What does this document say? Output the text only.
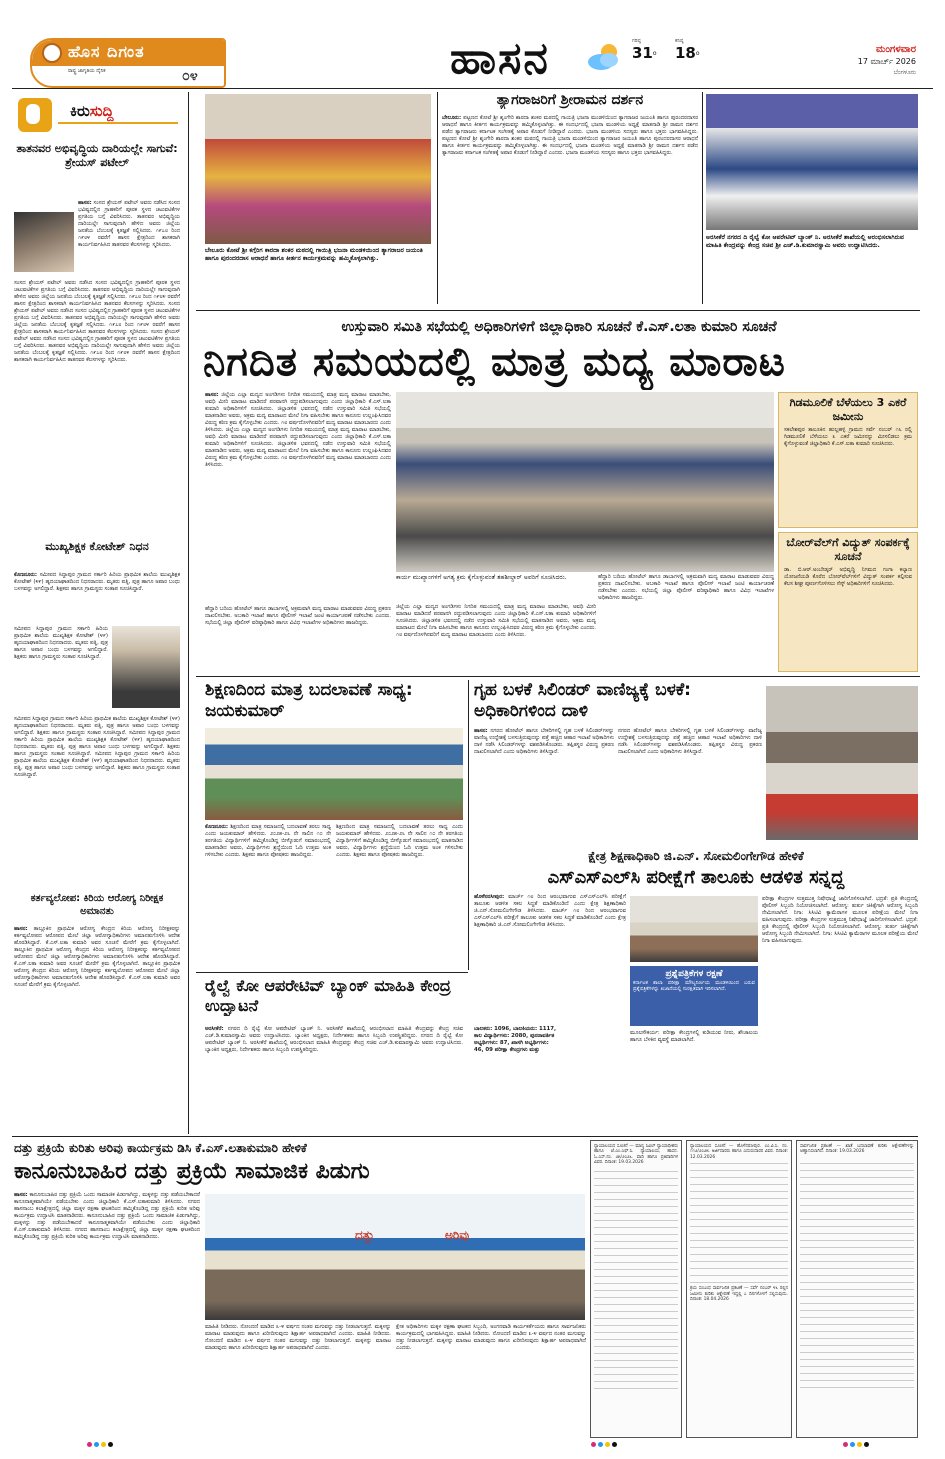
ಹೊಸ ದಿಗಂತ
ರಾಷ್ಟ್ರ ಜಾಗೃತಿಯ ದೈನಿಕ	೦೪	ಹಾಸನ	ಗರಿಷ್ಠ
31$^o$
ಕನಿಷ್ಠ
18$^o$	ಮಂಗಳವಾರ
17 ಮಾರ್ಚ್ 2026
ಬೆಂಗಳೂರು
ಕಿರುಸುದ್ದಿ
ತಾತನವರ ಅಭಿವೃದ್ಧಿಯ ದಾರಿಯಲ್ಲೇ ಸಾಗುವೆ: ಶ್ರೇಯಸ್ ಪಟೇಲ್
ಹಾಸನ: ಸಂಸದ ಶ್ರೇಯಸ್ ಪಟೇಲ್ ಅವರು ನಡೆಸಿದ ಸಂಸದ ಭವಿಷ್ಯದಲ್ಲಿನ ಗ್ರಾಹಕರಿಗೆ ಪೂರಕ ಸ್ಥಳದ ಚಟುವಟಿಕೆಗಳ ಪ್ರಗತಿಯ ಬಗ್ಗೆ ವಿವರಿಸಿದರು. ತಾತನವರ ಅಭಿವೃದ್ಧಿಯ ದಾರಿಯಲ್ಲೇ ಸಾಗುವುದಾಗಿ ಹೇಳಿದ ಅವರು ಜಿಲ್ಲೆಯ ಜನತೆಯ ಬೆಂಬಲಕ್ಕೆ ಕೃತಜ್ಞತೆ ಸಲ್ಲಿಸಿದರು. ೧೯೭೮ ರಿಂದ ೧೯೮೪ ರವರೆಗೆ ಹಾಸನ ಕ್ಷೇತ್ರದಿಂದ ಶಾಸಕರಾಗಿ ಕಾರ್ಯನಿರ್ವಹಿಸಿದ ತಾತನವರ ಕೆಲಸಗಳನ್ನು ಸ್ಮರಿಸಿದರು.
ಸಂಸದ ಶ್ರೇಯಸ್ ಪಟೇಲ್ ಅವರು ನಡೆಸಿದ ಸಂಸದ ಭವಿಷ್ಯದಲ್ಲಿನ ಗ್ರಾಹಕರಿಗೆ ಪೂರಕ ಸ್ಥಳದ ಚಟುವಟಿಕೆಗಳ ಪ್ರಗತಿಯ ಬಗ್ಗೆ ವಿವರಿಸಿದರು. ತಾತನವರ ಅಭಿವೃದ್ಧಿಯ ದಾರಿಯಲ್ಲೇ ಸಾಗುವುದಾಗಿ ಹೇಳಿದ ಅವರು ಜಿಲ್ಲೆಯ ಜನತೆಯ ಬೆಂಬಲಕ್ಕೆ ಕೃತಜ್ಞತೆ ಸಲ್ಲಿಸಿದರು. ೧೯೭೮ ರಿಂದ ೧೯೮೪ ರವರೆಗೆ ಹಾಸನ ಕ್ಷೇತ್ರದಿಂದ ಶಾಸಕರಾಗಿ ಕಾರ್ಯನಿರ್ವಹಿಸಿದ ತಾತನವರ ಕೆಲಸಗಳನ್ನು ಸ್ಮರಿಸಿದರು. ಸಂಸದ ಶ್ರೇಯಸ್ ಪಟೇಲ್ ಅವರು ನಡೆಸಿದ ಸಂಸದ ಭವಿಷ್ಯದಲ್ಲಿನ ಗ್ರಾಹಕರಿಗೆ ಪೂರಕ ಸ್ಥಳದ ಚಟುವಟಿಕೆಗಳ ಪ್ರಗತಿಯ ಬಗ್ಗೆ ವಿವರಿಸಿದರು. ತಾತನವರ ಅಭಿವೃದ್ಧಿಯ ದಾರಿಯಲ್ಲೇ ಸಾಗುವುದಾಗಿ ಹೇಳಿದ ಅವರು ಜಿಲ್ಲೆಯ ಜನತೆಯ ಬೆಂಬಲಕ್ಕೆ ಕೃತಜ್ಞತೆ ಸಲ್ಲಿಸಿದರು. ೧೯೭೮ ರಿಂದ ೧೯೮೪ ರವರೆಗೆ ಹಾಸನ ಕ್ಷೇತ್ರದಿಂದ ಶಾಸಕರಾಗಿ ಕಾರ್ಯನಿರ್ವಹಿಸಿದ ತಾತನವರ ಕೆಲಸಗಳನ್ನು ಸ್ಮರಿಸಿದರು. ಸಂಸದ ಶ್ರೇಯಸ್ ಪಟೇಲ್ ಅವರು ನಡೆಸಿದ ಸಂಸದ ಭವಿಷ್ಯದಲ್ಲಿನ ಗ್ರಾಹಕರಿಗೆ ಪೂರಕ ಸ್ಥಳದ ಚಟುವಟಿಕೆಗಳ ಪ್ರಗತಿಯ ಬಗ್ಗೆ ವಿವರಿಸಿದರು. ತಾತನವರ ಅಭಿವೃದ್ಧಿಯ ದಾರಿಯಲ್ಲೇ ಸಾಗುವುದಾಗಿ ಹೇಳಿದ ಅವರು ಜಿಲ್ಲೆಯ ಜನತೆಯ ಬೆಂಬಲಕ್ಕೆ ಕೃತಜ್ಞತೆ ಸಲ್ಲಿಸಿದರು. ೧೯೭೮ ರಿಂದ ೧೯೮೪ ರವರೆಗೆ ಹಾಸನ ಕ್ಷೇತ್ರದಿಂದ ಶಾಸಕರಾಗಿ ಕಾರ್ಯನಿರ್ವಹಿಸಿದ ತಾತನವರ ಕೆಲಸಗಳನ್ನು ಸ್ಮರಿಸಿದರು.
ಮುಖ್ಯಶಿಕ್ಷಕ ಕೋಟೇಶ್ ನಿಧನ
ಕೊಣನೂರು: ಸಮೀಪದ ಸಿದ್ದಾಪುರ ಗ್ರಾಮದ ಸರ್ಕಾರಿ ಹಿರಿಯ ಪ್ರಾಥಮಿಕ ಶಾಲೆಯ ಮುಖ್ಯಶಿಕ್ಷಕ ಕೋಟೇಶ್ (೪೯) ಹೃದಯಾಘಾತದಿಂದ ನಿಧನರಾದರು. ಮೃತರು ಪತ್ನಿ, ಪುತ್ರ ಹಾಗೂ ಅಪಾರ ಬಂಧು ಬಳಗವನ್ನು ಅಗಲಿದ್ದಾರೆ. ಶಿಕ್ಷಕರು ಹಾಗೂ ಗ್ರಾಮಸ್ಥರು ಸಂತಾಪ ಸೂಚಿಸಿದ್ದಾರೆ.
ಸಮೀಪದ ಸಿದ್ದಾಪುರ ಗ್ರಾಮದ ಸರ್ಕಾರಿ ಹಿರಿಯ ಪ್ರಾಥಮಿಕ ಶಾಲೆಯ ಮುಖ್ಯಶಿಕ್ಷಕ ಕೋಟೇಶ್ (೪೯) ಹೃದಯಾಘಾತದಿಂದ ನಿಧನರಾದರು. ಮೃತರು ಪತ್ನಿ, ಪುತ್ರ ಹಾಗೂ ಅಪಾರ ಬಂಧು ಬಳಗವನ್ನು ಅಗಲಿದ್ದಾರೆ. ಶಿಕ್ಷಕರು ಹಾಗೂ ಗ್ರಾಮಸ್ಥರು ಸಂತಾಪ ಸೂಚಿಸಿದ್ದಾರೆ.
ಸಮೀಪದ ಸಿದ್ದಾಪುರ ಗ್ರಾಮದ ಸರ್ಕಾರಿ ಹಿರಿಯ ಪ್ರಾಥಮಿಕ ಶಾಲೆಯ ಮುಖ್ಯಶಿಕ್ಷಕ ಕೋಟೇಶ್ (೪೯) ಹೃದಯಾಘಾತದಿಂದ ನಿಧನರಾದರು. ಮೃತರು ಪತ್ನಿ, ಪುತ್ರ ಹಾಗೂ ಅಪಾರ ಬಂಧು ಬಳಗವನ್ನು ಅಗಲಿದ್ದಾರೆ. ಶಿಕ್ಷಕರು ಹಾಗೂ ಗ್ರಾಮಸ್ಥರು ಸಂತಾಪ ಸೂಚಿಸಿದ್ದಾರೆ. ಸಮೀಪದ ಸಿದ್ದಾಪುರ ಗ್ರಾಮದ ಸರ್ಕಾರಿ ಹಿರಿಯ ಪ್ರಾಥಮಿಕ ಶಾಲೆಯ ಮುಖ್ಯಶಿಕ್ಷಕ ಕೋಟೇಶ್ (೪೯) ಹೃದಯಾಘಾತದಿಂದ ನಿಧನರಾದರು. ಮೃತರು ಪತ್ನಿ, ಪುತ್ರ ಹಾಗೂ ಅಪಾರ ಬಂಧು ಬಳಗವನ್ನು ಅಗಲಿದ್ದಾರೆ. ಶಿಕ್ಷಕರು ಹಾಗೂ ಗ್ರಾಮಸ್ಥರು ಸಂತಾಪ ಸೂಚಿಸಿದ್ದಾರೆ. ಸಮೀಪದ ಸಿದ್ದಾಪುರ ಗ್ರಾಮದ ಸರ್ಕಾರಿ ಹಿರಿಯ ಪ್ರಾಥಮಿಕ ಶಾಲೆಯ ಮುಖ್ಯಶಿಕ್ಷಕ ಕೋಟೇಶ್ (೪೯) ಹೃದಯಾಘಾತದಿಂದ ನಿಧನರಾದರು. ಮೃತರು ಪತ್ನಿ, ಪುತ್ರ ಹಾಗೂ ಅಪಾರ ಬಂಧು ಬಳಗವನ್ನು ಅಗಲಿದ್ದಾರೆ. ಶಿಕ್ಷಕರು ಹಾಗೂ ಗ್ರಾಮಸ್ಥರು ಸಂತಾಪ ಸೂಚಿಸಿದ್ದಾರೆ.
ಕರ್ತವ್ಯಲೋಪ: ಕಿರಿಯ ಆರೋಗ್ಯ ನಿರೀಕ್ಷಕ ಅಮಾನತು
ಹಾಸನ: ತಾಲ್ಲೂಕಿನ ಪ್ರಾಥಮಿಕ ಆರೋಗ್ಯ ಕೇಂದ್ರದ ಕಿರಿಯ ಆರೋಗ್ಯ ನಿರೀಕ್ಷಕರನ್ನು ಕರ್ತವ್ಯಲೋಪದ ಆರೋಪದ ಮೇಲೆ ಜಿಲ್ಲಾ ಆರೋಗ್ಯಾಧಿಕಾರಿಗಳು ಅಮಾನತುಗೊಳಿಸಿ ಆದೇಶ ಹೊರಡಿಸಿದ್ದಾರೆ. ಕೆ.ಎಸ್.ಲತಾ ಕುಮಾರಿ ಅವರ ಸೂಚನೆ ಮೇರೆಗೆ ಕ್ರಮ ಕೈಗೊಳ್ಳಲಾಗಿದೆ. ತಾಲ್ಲೂಕಿನ ಪ್ರಾಥಮಿಕ ಆರೋಗ್ಯ ಕೇಂದ್ರದ ಕಿರಿಯ ಆರೋಗ್ಯ ನಿರೀಕ್ಷಕರನ್ನು ಕರ್ತವ್ಯಲೋಪದ ಆರೋಪದ ಮೇಲೆ ಜಿಲ್ಲಾ ಆರೋಗ್ಯಾಧಿಕಾರಿಗಳು ಅಮಾನತುಗೊಳಿಸಿ ಆದೇಶ ಹೊರಡಿಸಿದ್ದಾರೆ. ಕೆ.ಎಸ್.ಲತಾ ಕುಮಾರಿ ಅವರ ಸೂಚನೆ ಮೇರೆಗೆ ಕ್ರಮ ಕೈಗೊಳ್ಳಲಾಗಿದೆ. ತಾಲ್ಲೂಕಿನ ಪ್ರಾಥಮಿಕ ಆರೋಗ್ಯ ಕೇಂದ್ರದ ಕಿರಿಯ ಆರೋಗ್ಯ ನಿರೀಕ್ಷಕರನ್ನು ಕರ್ತವ್ಯಲೋಪದ ಆರೋಪದ ಮೇಲೆ ಜಿಲ್ಲಾ ಆರೋಗ್ಯಾಧಿಕಾರಿಗಳು ಅಮಾನತುಗೊಳಿಸಿ ಆದೇಶ ಹೊರಡಿಸಿದ್ದಾರೆ. ಕೆ.ಎಸ್.ಲತಾ ಕುಮಾರಿ ಅವರ ಸೂಚನೆ ಮೇರೆಗೆ ಕ್ರಮ ಕೈಗೊಳ್ಳಲಾಗಿದೆ.
ಬೇಲೂರು ಕೋಟೆ ಶ್ರೀ ಕಗ್ಗೆರಿಗ ಕಾರದಾ ಶಂಕರ ಮಠದಲ್ಲಿ ಗಾಯಿತ್ರಿ ಭಜನಾ ಮಂಡಳಿಯಿಂದ ತ್ಯಾಗರಾಜರ ಜಯಂತಿ ಹಾಗೂ ಪುರಂದರದಾಸ ಆರಾಧನೆ ಹಾಗೂ ಕೀರ್ತನ ಕಾರ್ಯಕ್ರಮವನ್ನು ಹಮ್ಮಿಕೊಳ್ಳಲಾಗಿತ್ತು.
ತ್ಯಾಗರಾಜರಿಗೆ ಶ್ರೀರಾಮನ ದರ್ಶನ
ಬೇಲೂರು: ಪಟ್ಟಣದ ಕೋಟೆ ಶ್ರೀ ಶೃಂಗೇರಿ ಶಾರದಾ ಶಂಕರ ಮಠದಲ್ಲಿ ಗಾಯತ್ರಿ ಭಜನಾ ಮಂಡಳಿಯಿಂದ ತ್ಯಾಗರಾಜರ ಜಯಂತಿ ಹಾಗೂ ಪುರಂದರದಾಸರ ಆರಾಧನೆ ಹಾಗೂ ಕೀರ್ತನ ಕಾರ್ಯಕ್ರಮವನ್ನು ಹಮ್ಮಿಕೊಳ್ಳಲಾಗಿತ್ತು. ಈ ಸಂದರ್ಭದಲ್ಲಿ ಭಜನಾ ಮಂಡಳಿಯ ಅಧ್ಯಕ್ಷೆ ಮಾತನಾಡಿ ಶ್ರೀ ರಾಮನ ದರ್ಶನ ಪಡೆದ ತ್ಯಾಗರಾಜರು ಕರ್ನಾಟಕ ಸಂಗೀತಕ್ಕೆ ಅಪಾರ ಕೊಡುಗೆ ನೀಡಿದ್ದಾರೆ ಎಂದರು. ಭಜನಾ ಮಂಡಳಿಯ ಸದಸ್ಯರು ಹಾಗೂ ಭಕ್ತರು ಭಾಗವಹಿಸಿದ್ದರು. ಪಟ್ಟಣದ ಕೋಟೆ ಶ್ರೀ ಶೃಂಗೇರಿ ಶಾರದಾ ಶಂಕರ ಮಠದಲ್ಲಿ ಗಾಯತ್ರಿ ಭಜನಾ ಮಂಡಳಿಯಿಂದ ತ್ಯಾಗರಾಜರ ಜಯಂತಿ ಹಾಗೂ ಪುರಂದರದಾಸರ ಆರಾಧನೆ ಹಾಗೂ ಕೀರ್ತನ ಕಾರ್ಯಕ್ರಮವನ್ನು ಹಮ್ಮಿಕೊಳ್ಳಲಾಗಿತ್ತು. ಈ ಸಂದರ್ಭದಲ್ಲಿ ಭಜನಾ ಮಂಡಳಿಯ ಅಧ್ಯಕ್ಷೆ ಮಾತನಾಡಿ ಶ್ರೀ ರಾಮನ ದರ್ಶನ ಪಡೆದ ತ್ಯಾಗರಾಜರು ಕರ್ನಾಟಕ ಸಂಗೀತಕ್ಕೆ ಅಪಾರ ಕೊಡುಗೆ ನೀಡಿದ್ದಾರೆ ಎಂದರು. ಭಜನಾ ಮಂಡಳಿಯ ಸದಸ್ಯರು ಹಾಗೂ ಭಕ್ತರು ಭಾಗವಹಿಸಿದ್ದರು.
ಅರಸೀಕೆರೆ ನಗರದ ದಿ ರೈಲ್ವೆ ಕೋ ಆಪರೇಟಿವ್ ಬ್ಯಾಂಕ್ ನಿ. ಅರಸೀಕೆರೆ ಶಾಖೆಯಲ್ಲಿ ಆರಂಭಿಸಲಾಗಿರುವ ಮಾಹಿತಿ ಕೇಂದ್ರವನ್ನು ಕೇಂದ್ರ ಸಚಿವ ಶ್ರೀ ಎಚ್.ಡಿ.ಕುಮಾರಸ್ವಾಮಿ ಅವರು ಉದ್ಘಾಟಿಸಿದರು.
ಉಸ್ತುವಾರಿ ಸಮಿತಿ ಸಭೆಯಲ್ಲಿ ಅಧಿಕಾರಿಗಳಿಗೆ ಜಿಲ್ಲಾಧಿಕಾರಿ ಸೂಚನೆ ಕೆ.ಎಸ್.ಲತಾ ಕುಮಾರಿ ಸೂಚನೆ
ನಿಗದಿತ ಸಮಯದಲ್ಲಿ ಮಾತ್ರ ಮದ್ಯ ಮಾರಾಟ
ಹಾಸನ: ಜಿಲ್ಲೆಯ ಎಲ್ಲಾ ಮದ್ಯದ ಅಂಗಡಿಗಳು ನಿಗದಿತ ಸಮಯದಲ್ಲಿ ಮಾತ್ರ ಮದ್ಯ ಮಾರಾಟ ಮಾಡಬೇಕು, ಅವಧಿ ಮೀರಿ ಮಾರಾಟ ಮಾಡಿದರೆ ಪರವಾನಗಿ ರದ್ದುಪಡಿಸಲಾಗುವುದು ಎಂದು ಜಿಲ್ಲಾಧಿಕಾರಿ ಕೆ.ಎಸ್.ಲತಾ ಕುಮಾರಿ ಅಧಿಕಾರಿಗಳಿಗೆ ಸೂಚಿಸಿದರು. ಜಿಲ್ಲಾಡಳಿತ ಭವನದಲ್ಲಿ ನಡೆದ ಉಸ್ತುವಾರಿ ಸಮಿತಿ ಸಭೆಯಲ್ಲಿ ಮಾತನಾಡಿದ ಅವರು, ಅಕ್ರಮ ಮದ್ಯ ಮಾರಾಟದ ಮೇಲೆ ನಿಗಾ ವಹಿಸಬೇಕು ಹಾಗೂ ಕಾನೂನು ಉಲ್ಲಂಘಿಸಿದವರ ವಿರುದ್ಧ ಕಠಿಣ ಕ್ರಮ ಕೈಗೊಳ್ಳಬೇಕು ಎಂದರು. ೧೮ ವರ್ಷದೊಳಗಿನವರಿಗೆ ಮದ್ಯ ಮಾರಾಟ ಮಾಡಬಾರದು ಎಂದು ತಿಳಿಸಿದರು. ಜಿಲ್ಲೆಯ ಎಲ್ಲಾ ಮದ್ಯದ ಅಂಗಡಿಗಳು ನಿಗದಿತ ಸಮಯದಲ್ಲಿ ಮಾತ್ರ ಮದ್ಯ ಮಾರಾಟ ಮಾಡಬೇಕು, ಅವಧಿ ಮೀರಿ ಮಾರಾಟ ಮಾಡಿದರೆ ಪರವಾನಗಿ ರದ್ದುಪಡಿಸಲಾಗುವುದು ಎಂದು ಜಿಲ್ಲಾಧಿಕಾರಿ ಕೆ.ಎಸ್.ಲತಾ ಕುಮಾರಿ ಅಧಿಕಾರಿಗಳಿಗೆ ಸೂಚಿಸಿದರು. ಜಿಲ್ಲಾಡಳಿತ ಭವನದಲ್ಲಿ ನಡೆದ ಉಸ್ತುವಾರಿ ಸಮಿತಿ ಸಭೆಯಲ್ಲಿ ಮಾತನಾಡಿದ ಅವರು, ಅಕ್ರಮ ಮದ್ಯ ಮಾರಾಟದ ಮೇಲೆ ನಿಗಾ ವಹಿಸಬೇಕು ಹಾಗೂ ಕಾನೂನು ಉಲ್ಲಂಘಿಸಿದವರ ವಿರುದ್ಧ ಕಠಿಣ ಕ್ರಮ ಕೈಗೊಳ್ಳಬೇಕು ಎಂದರು. ೧೮ ವರ್ಷದೊಳಗಿನವರಿಗೆ ಮದ್ಯ ಮಾರಾಟ ಮಾಡಬಾರದು ಎಂದು ತಿಳಿಸಿದರು.
ಕಾರ್ಯ ಮುಖ್ಯಾಂಗಳಿಗೆ ಅಗತ್ಯ ಕ್ರಮ ಕೈಗೊಳ್ಳುವಂತೆ ತಹಶೀಲ್ದಾರ್ ಅವರಿಗೆ ಸೂಚಿಸಿದರು.	ಹೆದ್ದಾರಿ ಬದಿಯ ಹೋಟೆಲ್ ಹಾಗೂ ಡಾಬಾಗಳಲ್ಲಿ ಅಕ್ರಮವಾಗಿ ಮದ್ಯ ಮಾರಾಟ ಮಾಡುವವರ ವಿರುದ್ಧ ಪ್ರಕರಣ ದಾಖಲಿಸಬೇಕು. ಅಬಕಾರಿ ಇಲಾಖೆ ಹಾಗೂ ಪೊಲೀಸ್ ಇಲಾಖೆ ಜಂಟಿ ಕಾರ್ಯಾಚರಣೆ ನಡೆಸಬೇಕು ಎಂದರು. ಸಭೆಯಲ್ಲಿ ಜಿಲ್ಲಾ ಪೊಲೀಸ್ ವರಿಷ್ಠಾಧಿಕಾರಿ ಹಾಗೂ ವಿವಿಧ ಇಲಾಖೆಗಳ ಅಧಿಕಾರಿಗಳು ಹಾಜರಿದ್ದರು.
ಹೆದ್ದಾರಿ ಬದಿಯ ಹೋಟೆಲ್ ಹಾಗೂ ಡಾಬಾಗಳಲ್ಲಿ ಅಕ್ರಮವಾಗಿ ಮದ್ಯ ಮಾರಾಟ ಮಾಡುವವರ ವಿರುದ್ಧ ಪ್ರಕರಣ ದಾಖಲಿಸಬೇಕು. ಅಬಕಾರಿ ಇಲಾಖೆ ಹಾಗೂ ಪೊಲೀಸ್ ಇಲಾಖೆ ಜಂಟಿ ಕಾರ್ಯಾಚರಣೆ ನಡೆಸಬೇಕು ಎಂದರು. ಸಭೆಯಲ್ಲಿ ಜಿಲ್ಲಾ ಪೊಲೀಸ್ ವರಿಷ್ಠಾಧಿಕಾರಿ ಹಾಗೂ ವಿವಿಧ ಇಲಾಖೆಗಳ ಅಧಿಕಾರಿಗಳು ಹಾಜರಿದ್ದರು.
ಜಿಲ್ಲೆಯ ಎಲ್ಲಾ ಮದ್ಯದ ಅಂಗಡಿಗಳು ನಿಗದಿತ ಸಮಯದಲ್ಲಿ ಮಾತ್ರ ಮದ್ಯ ಮಾರಾಟ ಮಾಡಬೇಕು, ಅವಧಿ ಮೀರಿ ಮಾರಾಟ ಮಾಡಿದರೆ ಪರವಾನಗಿ ರದ್ದುಪಡಿಸಲಾಗುವುದು ಎಂದು ಜಿಲ್ಲಾಧಿಕಾರಿ ಕೆ.ಎಸ್.ಲತಾ ಕುಮಾರಿ ಅಧಿಕಾರಿಗಳಿಗೆ ಸೂಚಿಸಿದರು. ಜಿಲ್ಲಾಡಳಿತ ಭವನದಲ್ಲಿ ನಡೆದ ಉಸ್ತುವಾರಿ ಸಮಿತಿ ಸಭೆಯಲ್ಲಿ ಮಾತನಾಡಿದ ಅವರು, ಅಕ್ರಮ ಮದ್ಯ ಮಾರಾಟದ ಮೇಲೆ ನಿಗಾ ವಹಿಸಬೇಕು ಹಾಗೂ ಕಾನೂನು ಉಲ್ಲಂಘಿಸಿದವರ ವಿರುದ್ಧ ಕಠಿಣ ಕ್ರಮ ಕೈಗೊಳ್ಳಬೇಕು ಎಂದರು. ೧೮ ವರ್ಷದೊಳಗಿನವರಿಗೆ ಮದ್ಯ ಮಾರಾಟ ಮಾಡಬಾರದು ಎಂದು ತಿಳಿಸಿದರು.
ಗಿಡಮೂಲಿಕೆ ಬೆಳೆಯಲು 3 ಎಕರೆ ಜಮೀನು
ಸಕಲೇಶಪುರ ತಾಲೂಕಿನ ಹುಲ್ಲಹಳ್ಳಿ ಗ್ರಾಮದ ಸರ್ವೆ ನಂಬರ್ ೧೬ ರಲ್ಲಿ ಗಿಡಮೂಲಿಕೆ ಬೆಳೆಯಲು ೩ ಎಕರೆ ಜಮೀನನ್ನು ಮೀಸಲಿಡಲು ಕ್ರಮ ಕೈಗೊಳ್ಳುವಂತೆ ಜಿಲ್ಲಾಧಿಕಾರಿ ಕೆ.ಎಸ್.ಲತಾ ಕುಮಾರಿ ಸೂಚಿಸಿದರು.
ಬೋರ್‌ವೆಲ್‌ಗೆ ವಿದ್ಯುತ್ ಸಂಪರ್ಕಕ್ಕೆ ಸೂಚನೆ
ಡಾ. ಬಿ.ಆರ್.ಅಂಬೇಡ್ಕರ್ ಅಭಿವೃದ್ಧಿ ನಿಗಮದ ಗಂಗಾ ಕಲ್ಯಾಣ ಯೋಜನೆಯಡಿ ಕೊರೆದ ಬೋರ್‌ವೆಲ್‌ಗಳಿಗೆ ವಿದ್ಯುತ್ ಸಂಪರ್ಕ ಕಲ್ಪಿಸುವ ಕೆಲಸ ಶೀಘ್ರ ಪೂರ್ಣಗೊಳಿಸಲು ಸೆಸ್ಕ್ ಅಧಿಕಾರಿಗಳಿಗೆ ಸೂಚಿಸಿದರು.
ಶಿಕ್ಷಣದಿಂದ ಮಾತ್ರ ಬದಲಾವಣೆ ಸಾಧ್ಯ: ಜಯಕುಮಾರ್
ಕೊಣನೂರು: ಶಿಕ್ಷಣದಿಂದ ಮಾತ್ರ ಸಮಾಜದಲ್ಲಿ ಬದಲಾವಣೆ ತರಲು ಸಾಧ್ಯ ಎಂದು ಜಯಕುಮಾರ್ ಹೇಳಿದರು. ೨೦೨೫-೨೬ ನೇ ಸಾಲಿನ ೧೦ ನೇ ತರಗತಿಯ ವಿದ್ಯಾರ್ಥಿಗಳಿಗೆ ಹಮ್ಮಿಕೊಂಡಿದ್ದ ಬೀಳ್ಕೊಡುಗೆ ಸಮಾರಂಭದಲ್ಲಿ ಮಾತನಾಡಿದ ಅವರು, ವಿದ್ಯಾರ್ಥಿಗಳು ಶ್ರದ್ಧೆಯಿಂದ ಓದಿ ಉತ್ತಮ ಅಂಕ ಗಳಿಸಬೇಕು ಎಂದರು. ಶಿಕ್ಷಕರು ಹಾಗೂ ಪೋಷಕರು ಹಾಜರಿದ್ದರು.
ಶಿಕ್ಷಣದಿಂದ ಮಾತ್ರ ಸಮಾಜದಲ್ಲಿ ಬದಲಾವಣೆ ತರಲು ಸಾಧ್ಯ ಎಂದು ಜಯಕುಮಾರ್ ಹೇಳಿದರು. ೨೦೨೫-೨೬ ನೇ ಸಾಲಿನ ೧೦ ನೇ ತರಗತಿಯ ವಿದ್ಯಾರ್ಥಿಗಳಿಗೆ ಹಮ್ಮಿಕೊಂಡಿದ್ದ ಬೀಳ್ಕೊಡುಗೆ ಸಮಾರಂಭದಲ್ಲಿ ಮಾತನಾಡಿದ ಅವರು, ವಿದ್ಯಾರ್ಥಿಗಳು ಶ್ರದ್ಧೆಯಿಂದ ಓದಿ ಉತ್ತಮ ಅಂಕ ಗಳಿಸಬೇಕು ಎಂದರು. ಶಿಕ್ಷಕರು ಹಾಗೂ ಪೋಷಕರು ಹಾಜರಿದ್ದರು.
ಗೃಹ ಬಳಕೆ ಸಿಲಿಂಡರ್ ವಾಣಿಜ್ಯಕ್ಕೆ ಬಳಕೆ: ಅಧಿಕಾರಿಗಳಿಂದ ದಾಳಿ
ಹಾಸನ: ನಗರದ ಹೋಟೆಲ್ ಹಾಗೂ ಬೇಕರಿಗಳಲ್ಲಿ ಗೃಹ ಬಳಕೆ ಸಿಲಿಂಡರ್‌ಗಳನ್ನು ವಾಣಿಜ್ಯ ಉದ್ದೇಶಕ್ಕೆ ಬಳಸುತ್ತಿರುವುದನ್ನು ಪತ್ತೆ ಹಚ್ಚಿದ ಆಹಾರ ಇಲಾಖೆ ಅಧಿಕಾರಿಗಳು ದಾಳಿ ನಡೆಸಿ ಸಿಲಿಂಡರ್‌ಗಳನ್ನು ವಶಪಡಿಸಿಕೊಂಡರು. ತಪ್ಪಿತಸ್ಥರ ವಿರುದ್ಧ ಪ್ರಕರಣ ದಾಖಲಿಸಲಾಗಿದೆ ಎಂದು ಅಧಿಕಾರಿಗಳು ತಿಳಿಸಿದ್ದಾರೆ.
ನಗರದ ಹೋಟೆಲ್ ಹಾಗೂ ಬೇಕರಿಗಳಲ್ಲಿ ಗೃಹ ಬಳಕೆ ಸಿಲಿಂಡರ್‌ಗಳನ್ನು ವಾಣಿಜ್ಯ ಉದ್ದೇಶಕ್ಕೆ ಬಳಸುತ್ತಿರುವುದನ್ನು ಪತ್ತೆ ಹಚ್ಚಿದ ಆಹಾರ ಇಲಾಖೆ ಅಧಿಕಾರಿಗಳು ದಾಳಿ ನಡೆಸಿ ಸಿಲಿಂಡರ್‌ಗಳನ್ನು ವಶಪಡಿಸಿಕೊಂಡರು. ತಪ್ಪಿತಸ್ಥರ ವಿರುದ್ಧ ಪ್ರಕರಣ ದಾಖಲಿಸಲಾಗಿದೆ ಎಂದು ಅಧಿಕಾರಿಗಳು ತಿಳಿಸಿದ್ದಾರೆ.
ಕ್ಷೇತ್ರ ಶಿಕ್ಷಣಾಧಿಕಾರಿ ಜಿ.ಎನ್. ಸೋಮಲಿಂಗೇಗೌಡ ಹೇಳಿಕೆ
ಎಸ್‌ಎಸ್‌ಎಲ್‌ಸಿ ಪರೀಕ್ಷೆಗೆ ತಾಲೂಕು ಆಡಳಿತ ಸನ್ನದ್ದ
ಹೊಳೆನರಸೀಪುರ: ಮಾರ್ಚ್ ೧೮ ರಿಂದ ಆರಂಭವಾಗುವ ಎಸ್‌ಎಸ್‌ಎಲ್‌ಸಿ ಪರೀಕ್ಷೆಗೆ ತಾಲೂಕು ಆಡಳಿತ ಸಕಲ ಸಿದ್ಧತೆ ಮಾಡಿಕೊಂಡಿದೆ ಎಂದು ಕ್ಷೇತ್ರ ಶಿಕ್ಷಣಾಧಿಕಾರಿ ಜಿ.ಎನ್.ಸೋಮಲಿಂಗೇಗೌಡ ತಿಳಿಸಿದರು. ಮಾರ್ಚ್ ೧೮ ರಿಂದ ಆರಂಭವಾಗುವ ಎಸ್‌ಎಸ್‌ಎಲ್‌ಸಿ ಪರೀಕ್ಷೆಗೆ ತಾಲೂಕು ಆಡಳಿತ ಸಕಲ ಸಿದ್ಧತೆ ಮಾಡಿಕೊಂಡಿದೆ ಎಂದು ಕ್ಷೇತ್ರ ಶಿಕ್ಷಣಾಧಿಕಾರಿ ಜಿ.ಎನ್.ಸೋಮಲಿಂಗೇಗೌಡ ತಿಳಿಸಿದರು.
ಪ್ರಶ್ನೆಪತ್ರಿಕೆಗಳ ರಕ್ಷಣೆ
ಕರ್ನಾಟಕ ಶಾಲಾ ಪರೀಕ್ಷಾ ಮೌಲ್ಯನಿರ್ಣಯ ಮಂಡಳಿಯಿಂದ ಬರುವ ಪ್ರಶ್ನೆಪತ್ರಿಕೆಗಳನ್ನು ಖಜಾನೆಯಲ್ಲಿ ಸುರಕ್ಷಿತವಾಗಿ ಇರಿಸಲಾಗಿದೆ.
ಬಾಲಕರು: 1096, ಬಾಲಕಿಯರು: 1117,
ಕಾಲ ವಿದ್ಯಾರ್ಥಿಗಳು: 2080, ಪುನರಾವರ್ತಿತ
ಅಭ್ಯರ್ಥಿಗಳು: 87, ಖಾಸಗಿ ಅಭ್ಯರ್ಥಿಗಳು:
46, 09 ಪರೀಕ್ಷಾ ಕೇಂದ್ರಗಳು ಮತ್ತು
ಮೂಲಸೌಕರ್ಯ: ಪರೀಕ್ಷಾ ಕೇಂದ್ರಗಳಲ್ಲಿ ಕುಡಿಯುವ ನೀರು, ಶೌಚಾಲಯ ಹಾಗೂ ಬೆಳಕಿನ ವ್ಯವಸ್ಥೆ ಮಾಡಲಾಗಿದೆ.
ಪರೀಕ್ಷಾ ಕೇಂದ್ರಗಳ ಸುತ್ತಮುತ್ತ ನಿಷೇಧಾಜ್ಞೆ ಜಾರಿಗೊಳಿಸಲಾಗಿದೆ. ಭದ್ರತೆ: ಪ್ರತಿ ಕೇಂದ್ರದಲ್ಲಿ ಪೊಲೀಸ್ ಸಿಬ್ಬಂದಿ ನಿಯೋಜಿಸಲಾಗಿದೆ. ಆರೋಗ್ಯ: ತುರ್ತು ಚಿಕಿತ್ಸೆಗಾಗಿ ಆರೋಗ್ಯ ಸಿಬ್ಬಂದಿ ನೇಮಿಸಲಾಗಿದೆ. ನಿಗಾ: ಸಿಸಿಟಿವಿ ಕ್ಯಾಮೆರಾಗಳ ಮೂಲಕ ಪರೀಕ್ಷೆಯ ಮೇಲೆ ನಿಗಾ ವಹಿಸಲಾಗುವುದು. ಪರೀಕ್ಷಾ ಕೇಂದ್ರಗಳ ಸುತ್ತಮುತ್ತ ನಿಷೇಧಾಜ್ಞೆ ಜಾರಿಗೊಳಿಸಲಾಗಿದೆ. ಭದ್ರತೆ: ಪ್ರತಿ ಕೇಂದ್ರದಲ್ಲಿ ಪೊಲೀಸ್ ಸಿಬ್ಬಂದಿ ನಿಯೋಜಿಸಲಾಗಿದೆ. ಆರೋಗ್ಯ: ತುರ್ತು ಚಿಕಿತ್ಸೆಗಾಗಿ ಆರೋಗ್ಯ ಸಿಬ್ಬಂದಿ ನೇಮಿಸಲಾಗಿದೆ. ನಿಗಾ: ಸಿಸಿಟಿವಿ ಕ್ಯಾಮೆರಾಗಳ ಮೂಲಕ ಪರೀಕ್ಷೆಯ ಮೇಲೆ ನಿಗಾ ವಹಿಸಲಾಗುವುದು.
ರೈಲ್ವೆ ಕೋ ಆಪರೇಟಿವ್ ಬ್ಯಾಂಕ್ ಮಾಹಿತಿ ಕೇಂದ್ರ ಉದ್ಘಾಟನೆ
ಅರಸೀಕೆರೆ: ನಗರದ ದಿ ರೈಲ್ವೆ ಕೋ ಆಪರೇಟಿವ್ ಬ್ಯಾಂಕ್ ನಿ. ಅರಸೀಕೆರೆ ಶಾಖೆಯಲ್ಲಿ ಆರಂಭಿಸಲಾದ ಮಾಹಿತಿ ಕೇಂದ್ರವನ್ನು ಕೇಂದ್ರ ಸಚಿವ ಎಚ್.ಡಿ.ಕುಮಾರಸ್ವಾಮಿ ಅವರು ಉದ್ಘಾಟಿಸಿದರು. ಬ್ಯಾಂಕಿನ ಅಧ್ಯಕ್ಷರು, ನಿರ್ದೇಶಕರು ಹಾಗೂ ಸಿಬ್ಬಂದಿ ಉಪಸ್ಥಿತರಿದ್ದರು. ನಗರದ ದಿ ರೈಲ್ವೆ ಕೋ ಆಪರೇಟಿವ್ ಬ್ಯಾಂಕ್ ನಿ. ಅರಸೀಕೆರೆ ಶಾಖೆಯಲ್ಲಿ ಆರಂಭಿಸಲಾದ ಮಾಹಿತಿ ಕೇಂದ್ರವನ್ನು ಕೇಂದ್ರ ಸಚಿವ ಎಚ್.ಡಿ.ಕುಮಾರಸ್ವಾಮಿ ಅವರು ಉದ್ಘಾಟಿಸಿದರು. ಬ್ಯಾಂಕಿನ ಅಧ್ಯಕ್ಷರು, ನಿರ್ದೇಶಕರು ಹಾಗೂ ಸಿಬ್ಬಂದಿ ಉಪಸ್ಥಿತರಿದ್ದರು.
ದತ್ತು ಪ್ರಕ್ರಿಯೆ ಕುರಿತು ಅರಿವು ಕಾರ್ಯಕ್ರಮ ಡಿಸಿ ಕೆ.ಎಸ್.ಲತಾಕುಮಾರಿ ಹೇಳಿಕೆ
ಕಾನೂನುಬಾಹಿರ ದತ್ತು ಪ್ರಕ್ರಿಯೆ ಸಾಮಾಜಿಕ ಪಿಡುಗು
ಹಾಸನ: ಕಾನೂನುಬಾಹಿರ ದತ್ತು ಪ್ರಕ್ರಿಯೆ ಒಂದು ಸಾಮಾಜಿಕ ಪಿಡುಗಾಗಿದ್ದು, ಮಕ್ಕಳನ್ನು ದತ್ತು ಪಡೆಯಬೇಕಾದರೆ ಕಾನೂನಾತ್ಮಕವಾಗಿಯೇ ಪಡೆಯಬೇಕು ಎಂದು ಜಿಲ್ಲಾಧಿಕಾರಿ ಕೆ.ಎಸ್.ಲತಾಕುಮಾರಿ ತಿಳಿಸಿದರು. ನಗರದ ಹಾಸನಾಂಬ ಕಲಾಕ್ಷೇತ್ರದಲ್ಲಿ ಜಿಲ್ಲಾ ಮಕ್ಕಳ ರಕ್ಷಣಾ ಘಟಕದಿಂದ ಹಮ್ಮಿಕೊಂಡಿದ್ದ ದತ್ತು ಪ್ರಕ್ರಿಯೆ ಕುರಿತ ಅರಿವು ಕಾರ್ಯಕ್ರಮ ಉದ್ಘಾಟಿಸಿ ಮಾತನಾಡಿದರು. ಕಾನೂನುಬಾಹಿರ ದತ್ತು ಪ್ರಕ್ರಿಯೆ ಒಂದು ಸಾಮಾಜಿಕ ಪಿಡುಗಾಗಿದ್ದು, ಮಕ್ಕಳನ್ನು ದತ್ತು ಪಡೆಯಬೇಕಾದರೆ ಕಾನೂನಾತ್ಮಕವಾಗಿಯೇ ಪಡೆಯಬೇಕು ಎಂದು ಜಿಲ್ಲಾಧಿಕಾರಿ ಕೆ.ಎಸ್.ಲತಾಕುಮಾರಿ ತಿಳಿಸಿದರು. ನಗರದ ಹಾಸನಾಂಬ ಕಲಾಕ್ಷೇತ್ರದಲ್ಲಿ ಜಿಲ್ಲಾ ಮಕ್ಕಳ ರಕ್ಷಣಾ ಘಟಕದಿಂದ ಹಮ್ಮಿಕೊಂಡಿದ್ದ ದತ್ತು ಪ್ರಕ್ರಿಯೆ ಕುರಿತ ಅರಿವು ಕಾರ್ಯಕ್ರಮ ಉದ್ಘಾಟಿಸಿ ಮಾತನಾಡಿದರು.	ದತ್ತು	ಅರಿವು
ಮಾಹಿತಿ ನೀಡಿದರು. ನೋಂದಣಿ ಮಾಡಿದ ೩-೪ ವರ್ಷದ ನಂತರ ಮಗುವನ್ನು ದತ್ತು ನೀಡಲಾಗುತ್ತದೆ. ಮಕ್ಕಳನ್ನು ಮಾರಾಟ ಮಾಡುವುದು ಹಾಗೂ ಖರೀದಿಸುವುದು ಶಿಕ್ಷಾರ್ಹ ಅಪರಾಧವಾಗಿದೆ ಎಂದರು. ಮಾಹಿತಿ ನೀಡಿದರು. ನೋಂದಣಿ ಮಾಡಿದ ೩-೪ ವರ್ಷದ ನಂತರ ಮಗುವನ್ನು ದತ್ತು ನೀಡಲಾಗುತ್ತದೆ. ಮಕ್ಕಳನ್ನು ಮಾರಾಟ ಮಾಡುವುದು ಹಾಗೂ ಖರೀದಿಸುವುದು ಶಿಕ್ಷಾರ್ಹ ಅಪರಾಧವಾಗಿದೆ ಎಂದರು.
ಕ್ಷೇತ ಅಧಿಕಾರಿಗಳು ಮಕ್ಕಳ ರಕ್ಷಣಾ ಘಟಕದ ಸಿಬ್ಬಂದಿ, ಅಂಗನವಾಡಿ ಕಾರ್ಯಕರ್ತೆಯರು ಹಾಗೂ ಸಾರ್ವಜನಿಕರು ಕಾರ್ಯಕ್ರಮದಲ್ಲಿ ಭಾಗವಹಿಸಿದ್ದರು. ಮಾಹಿತಿ ನೀಡಿದರು. ನೋಂದಣಿ ಮಾಡಿದ ೩-೪ ವರ್ಷದ ನಂತರ ಮಗುವನ್ನು ದತ್ತು ನೀಡಲಾಗುತ್ತದೆ. ಮಕ್ಕಳನ್ನು ಮಾರಾಟ ಮಾಡುವುದು ಹಾಗೂ ಖರೀದಿಸುವುದು ಶಿಕ್ಷಾರ್ಹ ಅಪರಾಧವಾಗಿದೆ ಎಂದರು.
ನ್ಯಾಯಾಲಯದ ಸೂಚನೆ — ಮಾನ್ಯ ಸಿವಿಲ್ ನ್ಯಾಯಾಧೀಶರು ಹಾಗೂ ಜೆ.ಎಂ.ಎಫ್.ಸಿ. ನ್ಯಾಯಾಲಯ, ಹಾಸನ. ಓ.ಎಸ್.ನಂ. ೨೫/೨೦೨೬. ವಾದಿ ಹಾಗೂ ಪ್ರತಿವಾದಿಗಳ ವಿವರ. ದಿನಾಂಕ: 19.03.2026
ನ್ಯಾಯಾಲಯದ ಸೂಚನೆ — ಹೊಳೆನರಸೀಪುರ. ಎಂ.ವಿ.ಸಿ. ನಂ. ೧೧೨/೨೦೨೫. ಅರ್ಜಿದಾರರು ಹಾಗೂ ಎದುರುದಾರರ ವಿವರ. ದಿನಾಂಕ: 12.03.2026
ಕ್ರಯ ಸಂಬಂಧ ಸಾರ್ವಜನಿಕ ಪ್ರಕಟಣೆ — ಸರ್ವೆ ನಂಬರ್ ೪೬ ರಲ್ಲಿನ ಜಮೀನು ಕುರಿತು ಆಕ್ಷೇಪಣೆ ಇದ್ದಲ್ಲಿ ೭ ದಿನಗಳೊಳಗೆ ಸಲ್ಲಿಸುವುದು. ದಿನಾಂಕ: 18.04.2026
ಸಾರ್ವಜನಿಕ ಪ್ರಕಟಣೆ — ಖಾತೆ ಬದಲಾವಣೆ ಕುರಿತು ಆಕ್ಷೇಪಣೆಗಳನ್ನು ಆಹ್ವಾನಿಸಲಾಗಿದೆ. ದಿನಾಂಕ: 19.03.2026
